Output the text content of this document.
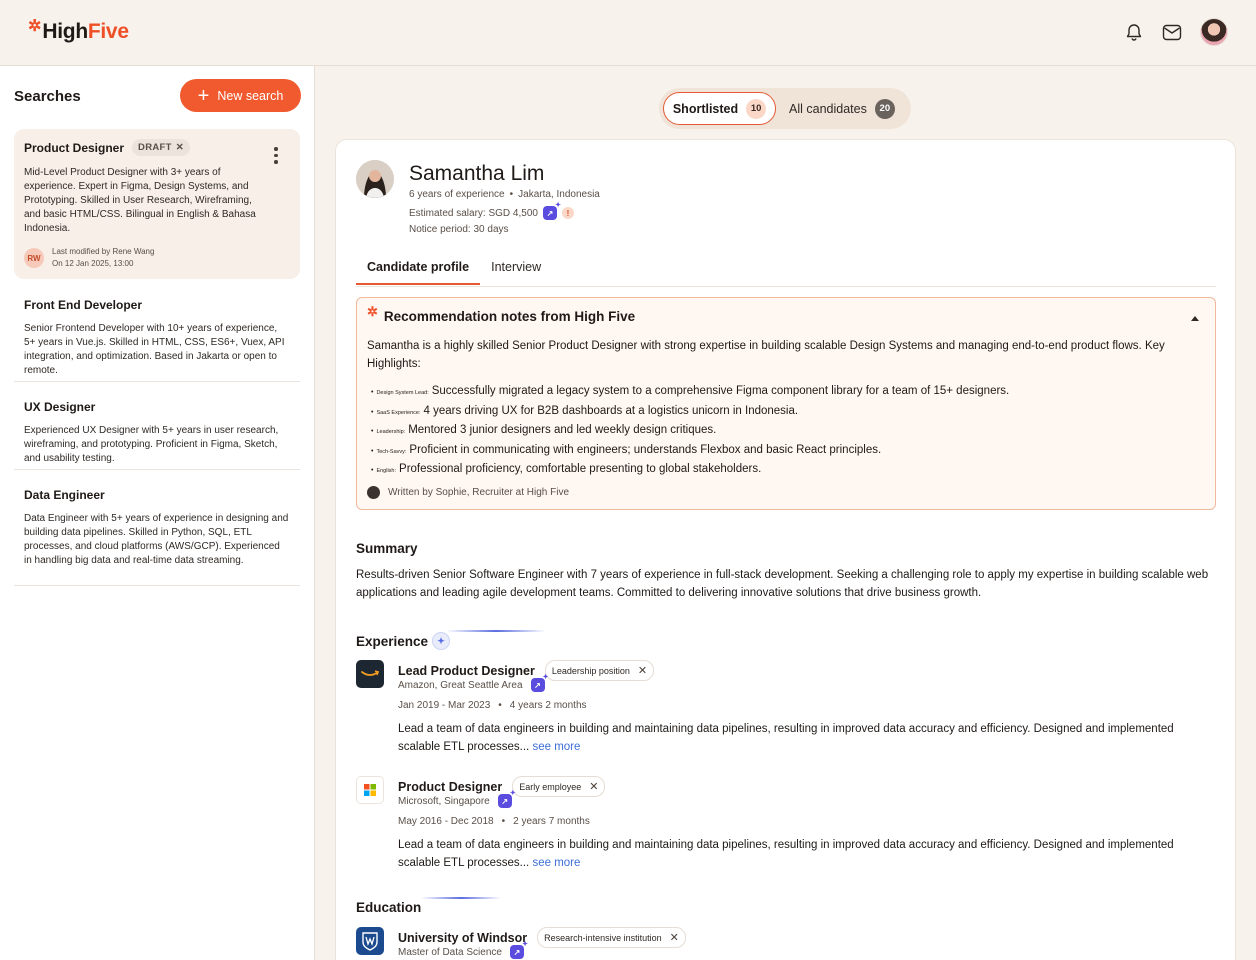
✲ HighFive
Searches	+ New search
Product Designer DRAFT ✕
Mid-Level Product Designer with 3+ years of experience. Expert in Figma, Design Systems, and Prototyping. Skilled in User Research, Wireframing, and basic HTML/CSS. Bilingual in English & Bahasa Indonesia.
RW
Last modified by Rene Wang
On 12 Jan 2025, 13:00
Front End Developer
Senior Frontend Developer with 10+ years of experience, 5+ years in Vue.js. Skilled in HTML, CSS, ES6+, Vuex, API integration, and optimization. Based in Jakarta or open to remote.
UX Designer
Experienced UX Designer with 5+ years in user research, wireframing, and prototyping. Proficient in Figma, Sketch, and usability testing.
Data Engineer
Data Engineer with 5+ years of experience in designing and building data pipelines. Skilled in Python, SQL, ETL processes, and cloud platforms (AWS/GCP). Experienced in handling big data and real-time data streaming.
Shortlisted	10	All candidates	20
Samantha Lim
6 years of experience • Jakarta, Indonesia
Estimated salary: SGD 4,500	↗ ✦	!
Notice period: 30 days
Candidate profile	Interview
✲ Recommendation notes from High Five
Samantha is a highly skilled Senior Product Designer with strong expertise in building scalable Design Systems and managing end-to-end product flows. Key Highlights:
• Design System Lead: Successfully migrated a legacy system to a comprehensive Figma component library for a team of 15+ designers.
• SaaS Experience: 4 years driving UX for B2B dashboards at a logistics unicorn in Indonesia.
• Leadership: Mentored 3 junior designers and led weekly design critiques.
• Tech-Savvy: Proficient in communicating with engineers; understands Flexbox and basic React principles.
• English: Professional proficiency, comfortable presenting to global stakeholders.
Written by Sophie, Recruiter at High Five
Summary
Results-driven Senior Software Engineer with 7 years of experience in full-stack development. Seeking a challenging role to apply my expertise in building scalable web applications and leading agile development teams. Committed to delivering innovative solutions that drive business growth.
Experience	✦
Lead Product Designer Leadership position ✕
Amazon, Great Seattle Area	↗ ✦
Jan 2019 - Mar 2023 • 4 years 2 months
Lead a team of data engineers in building and maintaining data pipelines, resulting in improved data accuracy and efficiency. Designed and implemented scalable ETL processes... see more
Product Designer Early employee ✕
Microsoft, Singapore	↗ ✦
May 2016 - Dec 2018 • 2 years 7 months
Lead a team of data engineers in building and maintaining data pipelines, resulting in improved data accuracy and efficiency. Designed and implemented scalable ETL processes... see more
Education
University of Windsor Research-intensive institution ✕
Master of Data Science	↗ ✦
